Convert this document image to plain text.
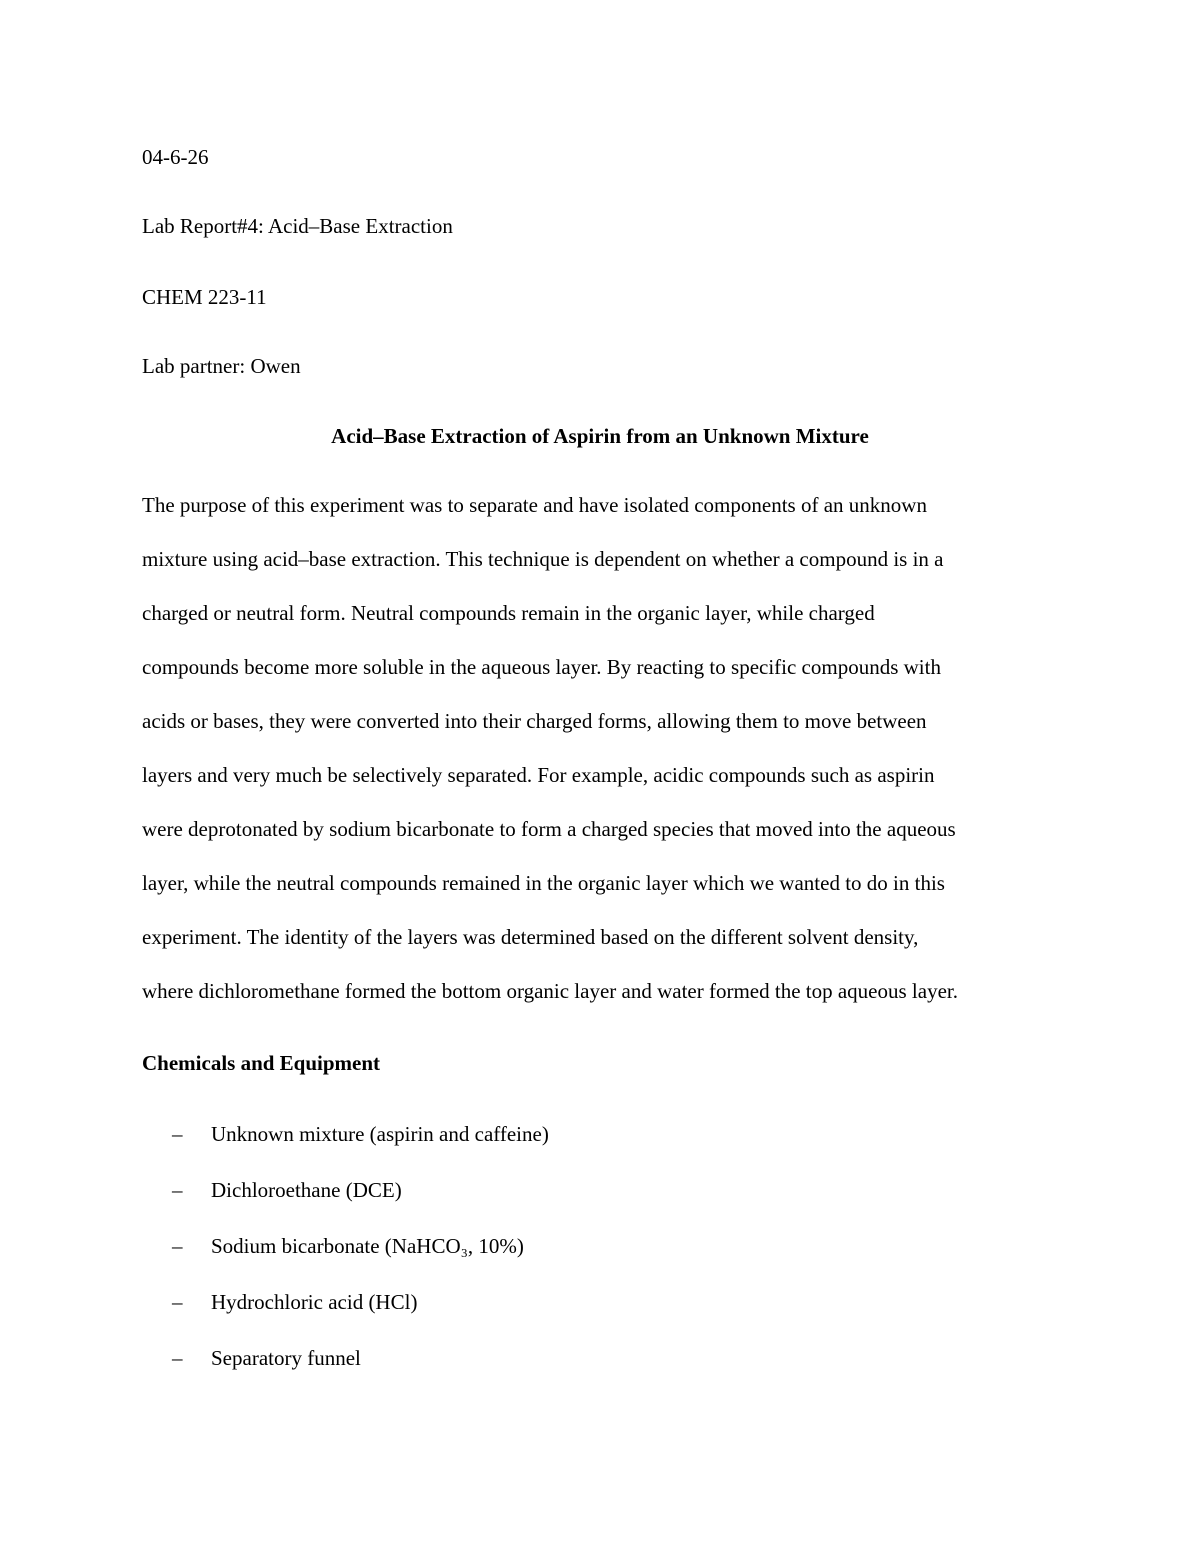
04-6-26
Lab Report#4: Acid–Base Extraction
CHEM 223-11
Lab partner: Owen
Acid–Base Extraction of Aspirin from an Unknown Mixture
The purpose of this experiment was to separate and have isolated components of an unknown
mixture using acid–base extraction. This technique is dependent on whether a compound is in a
charged or neutral form. Neutral compounds remain in the organic layer, while charged
compounds become more soluble in the aqueous layer. By reacting to specific compounds with
acids or bases, they were converted into their charged forms, allowing them to move between
layers and very much be selectively separated. For example, acidic compounds such as aspirin
were deprotonated by sodium bicarbonate to form a charged species that moved into the aqueous
layer, while the neutral compounds remained in the organic layer which we wanted to do in this
experiment. The identity of the layers was determined based on the different solvent density,
where dichloromethane formed the bottom organic layer and water formed the top aqueous layer.
Chemicals and Equipment
– Unknown mixture (aspirin and caffeine)
– Dichloroethane (DCE)
– Sodium bicarbonate (NaHCO₃, 10%)
– Hydrochloric acid (HCl)
– Separatory funnel
